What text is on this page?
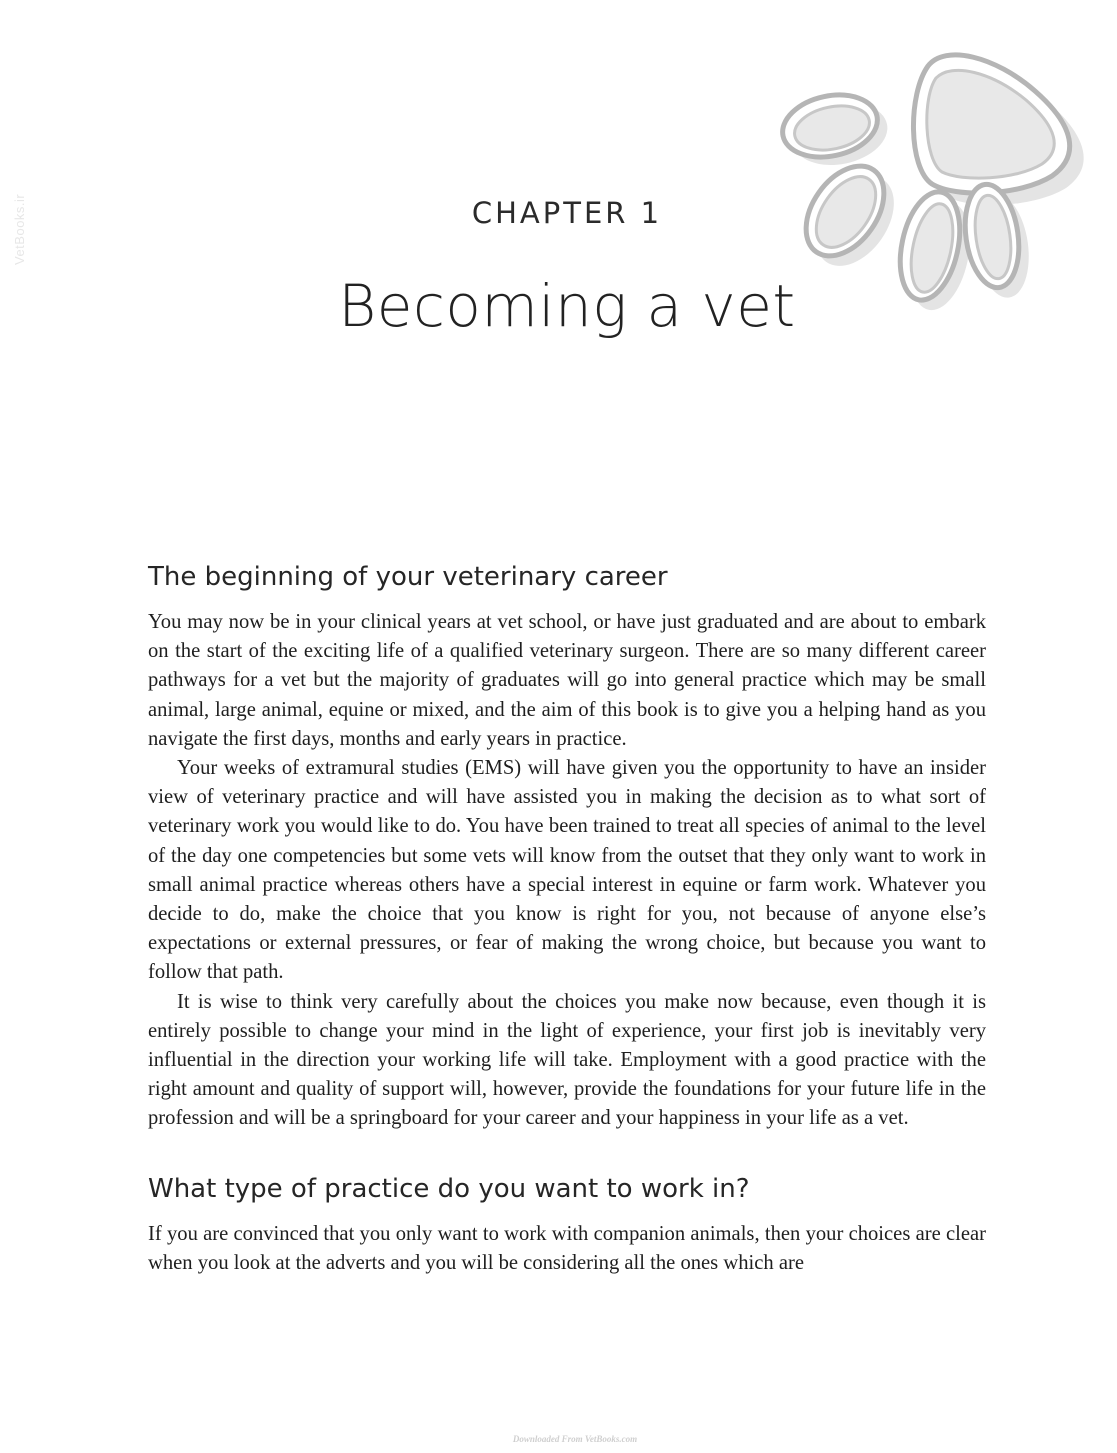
VetBooks.ir	CHAPTER 1
Becoming a vet
The beginning of your veterinary career

You may now be in your clinical years at vet school, or have just graduated and are about to embark on the start of the exciting life of a qualified veterinary surgeon. There are so many different career pathways for a vet but the majority of graduates will go into general practice which may be small animal, large animal, equine or mixed, and the aim of this book is to give you a helping hand as you navigate the first days, months and early years in practice.

Your weeks of extramural studies (EMS) will have given you the opportunity to have an insider view of veterinary practice and will have assisted you in making the decision as to what sort of veterinary work you would like to do. You have been trained to treat all species of animal to the level of the day one competencies but some vets will know from the outset that they only want to work in small animal practice whereas others have a special interest in equine or farm work. Whatever you decide to do, make the choice that you know is right for you, not because of anyone else’s expectations or external pressures, or fear of making the wrong choice, but because you want to follow that path.

It is wise to think very carefully about the choices you make now because, even though it is entirely possible to change your mind in the light of experience, your first job is inevitably very influential in the direction your working life will take. Employment with a good practice with the right amount and quality of support will, however, provide the foundations for your future life in the profession and will be a springboard for your career and your happiness in your life as a vet.

What type of practice do you want to work in?

If you are convinced that you only want to work with companion animals, then your choices are clear when you look at the adverts and you will be considering all the ones which are

Downloaded From VetBooks.com
